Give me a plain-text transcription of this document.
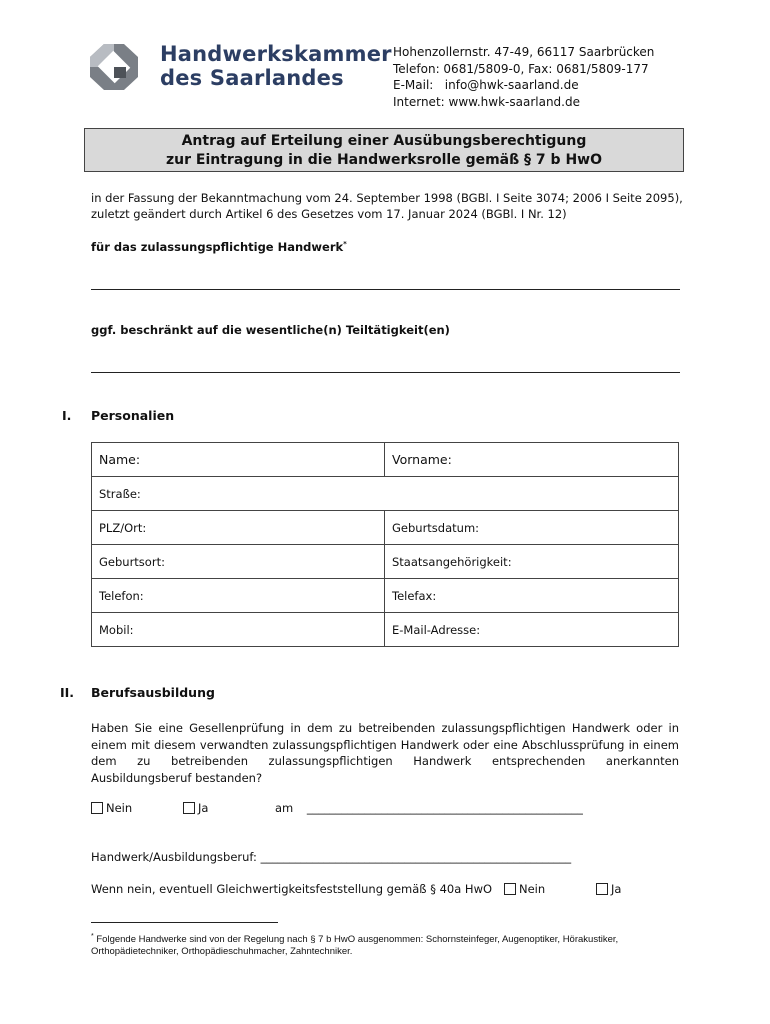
Handwerkskammer
des Saarlandes
Hohenzollernstr. 47-49, 66117 Saarbrücken
Telefon: 0681/5809-0, Fax: 0681/5809-177
E-Mail:   info@hwk-saarland.de
Internet: www.hwk-saarland.de
Antrag auf Erteilung einer Ausübungsberechtigung
zur Eintragung in die Handwerksrolle gemäß § 7 b HwO
in der Fassung der Bekanntmachung vom 24. September 1998 (BGBl. I Seite 3074; 2006 I Seite 2095),
zuletzt geändert durch Artikel 6 des Gesetzes vom 17. Januar 2024 (BGBl. I Nr. 12)
für das zulassungspflichtige Handwerk*
ggf. beschränkt auf die wesentliche(n) Teiltätigkeit(en)
I. Personalien
Name:	Vorname:
Straße:	
PLZ/Ort:	Geburtsdatum:
Geburtsort:	Staatsangehörigkeit:
Telefon:	Telefax:
Mobil:	E-Mail-Adresse:
II. Berufsausbildung
Haben Sie eine Gesellenprüfung in dem zu betreibenden zulassungspflichtigen Handwerk oder in einem mit diesem verwandten zulassungspflichtigen Handwerk oder eine Abschlussprüfung in einem dem zu betreibenden zulassungspflichtigen Handwerk entsprechenden anerkannten Ausbildungsberuf bestanden?
Nein	Ja	am ________________________________________________
Handwerk/Ausbildungsberuf: ______________________________________________________
Wenn nein, eventuell Gleichwertigkeitsfeststellung gemäß § 40a HwO	Nein	Ja
* Folgende Handwerke sind von der Regelung nach § 7 b HwO ausgenommen: Schornsteinfeger, Augenoptiker, Hörakustiker, Orthopädietechniker, Orthopädieschuhmacher, Zahntechniker.
